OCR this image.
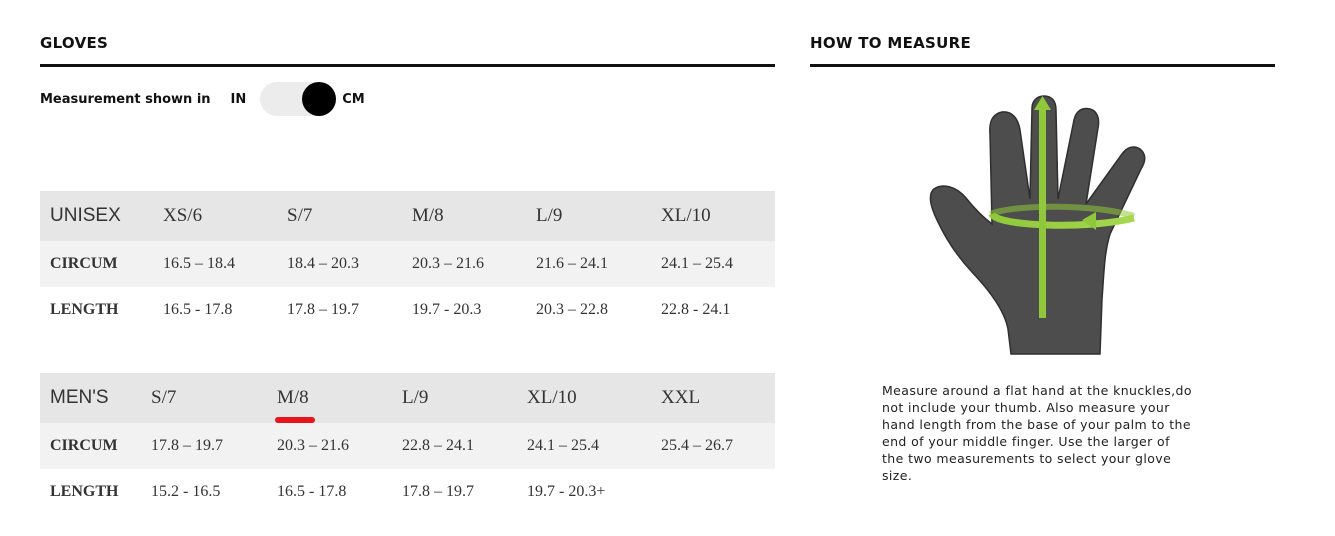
GLOVES
Measurement shown in IN	CM
UNISEX	XS/6	S/7	M/8	L/9	XL/10
CIRCUM	16.5 – 18.4	18.4 – 20.3	20.3 – 21.6	21.6 – 24.1	24.1 – 25.4
LENGTH	16.5 - 17.8	17.8 – 19.7	19.7 - 20.3	20.3 – 22.8	22.8 - 24.1
MEN'S	S/7	M/8	L/9	XL/10	XXL
CIRCUM	17.8 – 19.7	20.3 – 21.6	22.8 – 24.1	24.1 – 25.4	25.4 – 26.7
LENGTH	15.2 - 16.5	16.5 - 17.8	17.8 – 19.7	19.7 - 20.3+	
HOW TO MEASURE

Measure around a flat hand at the knuckles,do not include your thumb. Also measure your hand length from the base of your palm to the end of your middle finger. Use the larger of the two measurements to select your glove size.
